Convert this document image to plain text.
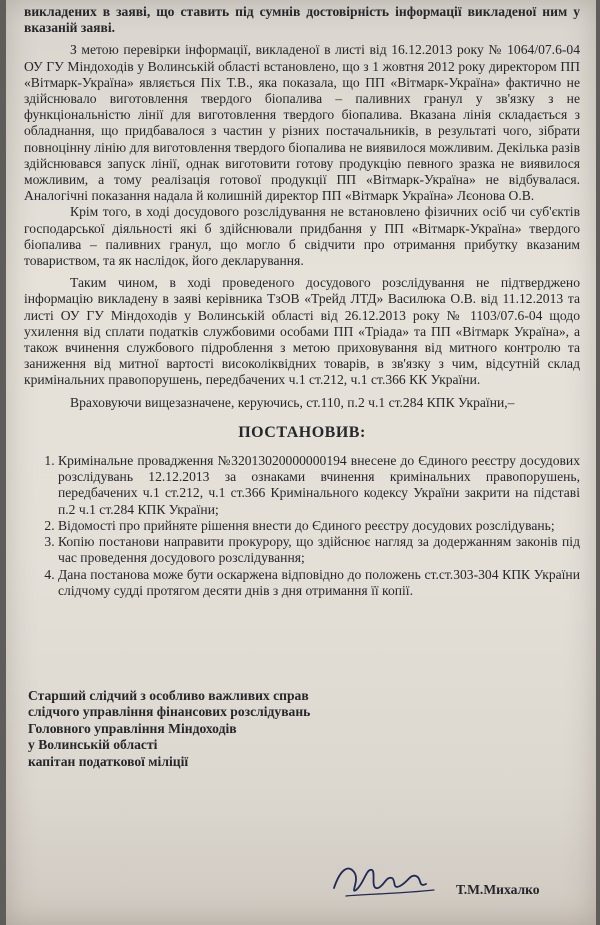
викладених в заяві, що ставить під сумнів достовірність інформації викладеної ним у вказаній заяві.

З метою перевірки інформації, викладеної в листі від 16.12.2013 року № 1064/07.6-04 ОУ ГУ Міндоходів у Волинській області встановлено, що з 1 жовтня 2012 року директором ПП «Вітмарк-Україна» являється Піх Т.В., яка показала, що ПП «Вітмарк-Україна» фактично не здійснювало виготовлення твердого біопалива – паливних гранул у зв'язку з не функціональністю лінії для виготовлення твердого біопалива. Вказана лінія складається з обладнання, що придбавалося з частин у різних постачальників, в результаті чого, зібрати повноцінну лінію для виготовлення твердого біопалива не виявилося можливим. Декілька разів здійснювався запуск лінії, однак виготовити готову продукцію певного зразка не виявилося можливим, а тому реалізація готової продукції ПП «Вітмарк-Україна» не відбувалася. Аналогічні показання надала й колишній директор ПП «Вітмарк Україна» Лєонова О.В.

Крім того, в ході досудового розслідування не встановлено фізичних осіб чи суб'єктів господарської діяльності які б здійснювали придбання у ПП «Вітмарк-Україна» твердого біопалива – паливних гранул, що могло б свідчити про отримання прибутку вказаним товариством, та як наслідок, його декларування.

Таким чином, в ході проведеного досудового розслідування не підтверджено інформацію викладену в заяві керівника ТзОВ «Трейд ЛТД» Василюка О.В. від 11.12.2013 та листі ОУ ГУ Міндоходів у Волинській області від 26.12.2013 року № 1103/07.6-04 щодо ухилення від сплати податків службовими особами ПП «Тріада» та ПП «Вітмарк Україна», а також вчинення службового підроблення з метою приховування від митного контролю та заниження від митної вартості високоліквідних товарів, в зв'язку з чим, відсутній склад кримінальних правопорушень, передбачених ч.1 ст.212, ч.1 ст.366 КК України.

Враховуючи вищезазначене, керуючись, ст.110, п.2 ч.1 ст.284 КПК України,–

ПОСТАНОВИВ:
1. Кримінальне провадження №32013020000000194 внесене до Єдиного реєстру досудових розслідувань 12.12.2013 за ознаками вчинення кримінальних правопорушень, передбачених ч.1 ст.212, ч.1 ст.366 Кримінального кодексу України закрити на підставі п.2 ч.1 ст.284 КПК України;
2. Відомості про прийняте рішення внести до Єдиного реєстру досудових розслідувань;
3. Копію постанови направити прокурору, що здійснює нагляд за додержанням законів під час проведення досудового розслідування;
4. Дана постанова може бути оскаржена відповідно до положень ст.ст.303-304 КПК України слідчому судді протягом десяти днів з дня отримання її копії.
Старший слідчий з особливо важливих справ
слідчого управління фінансових розслідувань
Головного управління Міндоходів
у Волинській області
капітан податкової міліції
Т.М.Михалко
